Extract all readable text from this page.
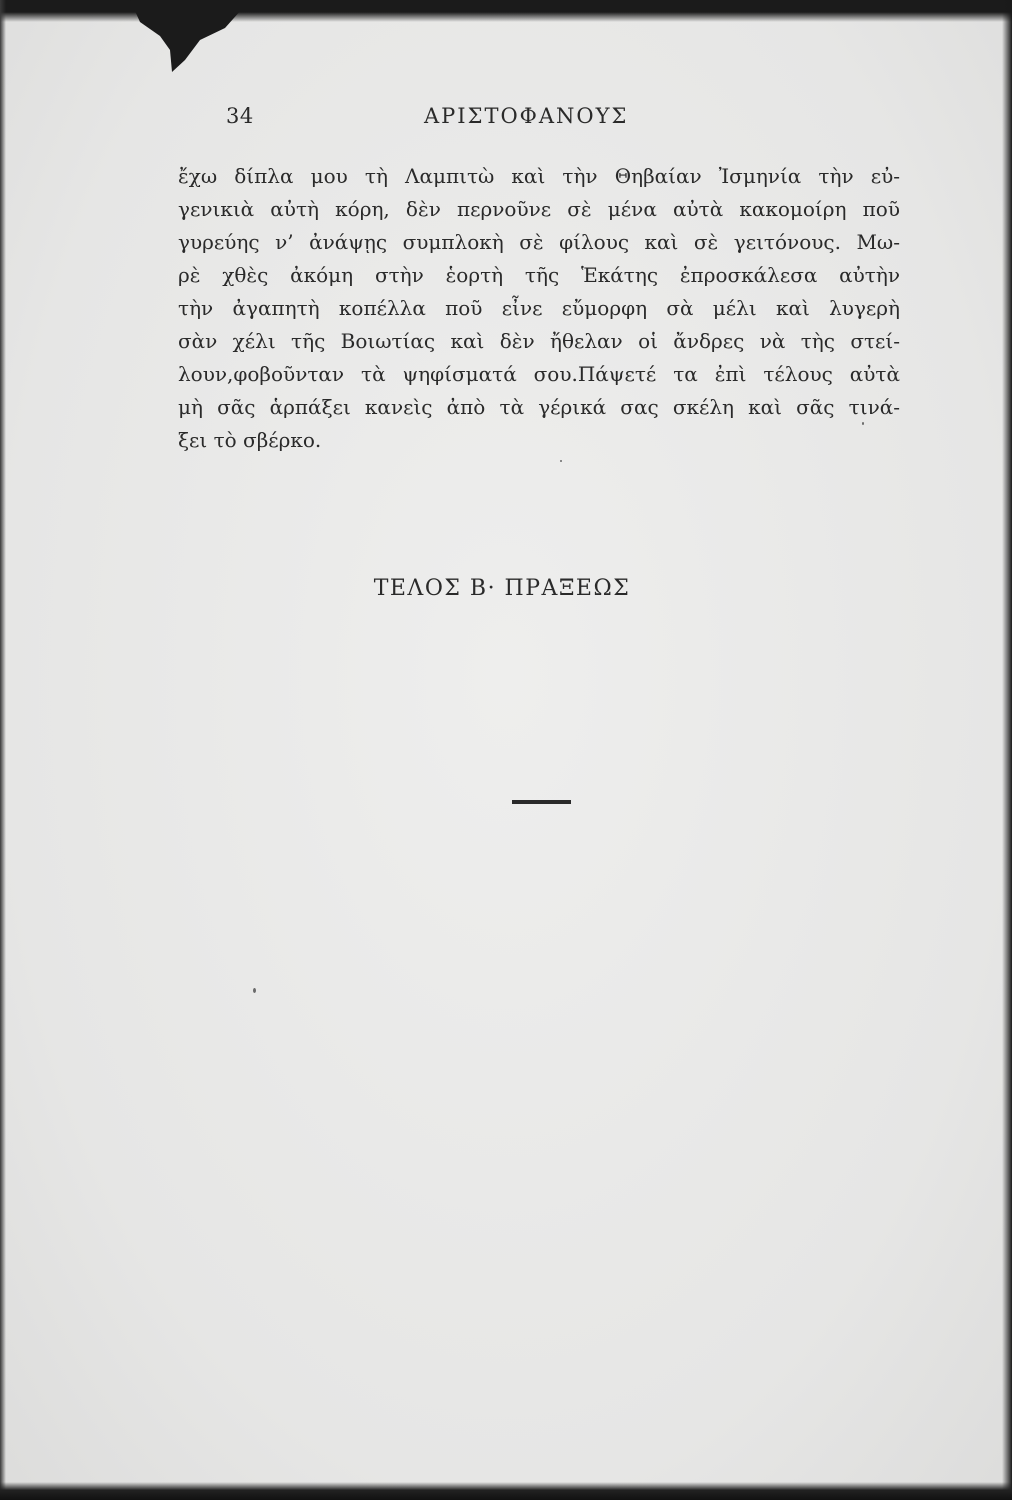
34	ΑΡΙΣΤΟΦΑΝΟΥΣ
ἔχω δίπλα μου τὴ Λαμπιτὼ καὶ τὴν Θηβαίαν Ἰσμηνία τὴν εὐ-
γενικιὰ αὐτὴ κόρη, δὲν περνοῦνε σὲ μένα αὐτὰ κακομοίρη ποῦ
γυρεύης ν’ ἀνάψῃς συμπλοκὴ σὲ φίλους καὶ σὲ γειτόνους. Μω-
ρὲ χθὲς ἀκόμη στὴν ἑορτὴ τῆς Ἑκάτης ἐπροσκάλεσα αὐτὴν
τὴν ἀγαπητὴ κοπέλλα ποῦ εἶνε εὔμορφη σὰ μέλι καὶ λυγερὴ
σὰν χέλι τῆς Βοιωτίας καὶ δὲν ἤθελαν οἱ ἄνδρες νὰ τὴς στεί-
λουν,φοβοῦνταν τὰ ψηφίσματά σου.Πάψετέ τα ἐπὶ τέλους αὐτὰ
μὴ σᾶς ἁρπάξει κανεὶς ἀπὸ τὰ γέρικά σας σκέλη καὶ σᾶς τινά-
ξει τὸ σβέρκο.
ΤΕΛΟΣ Β· ΠΡΑΞΕΩΣ
